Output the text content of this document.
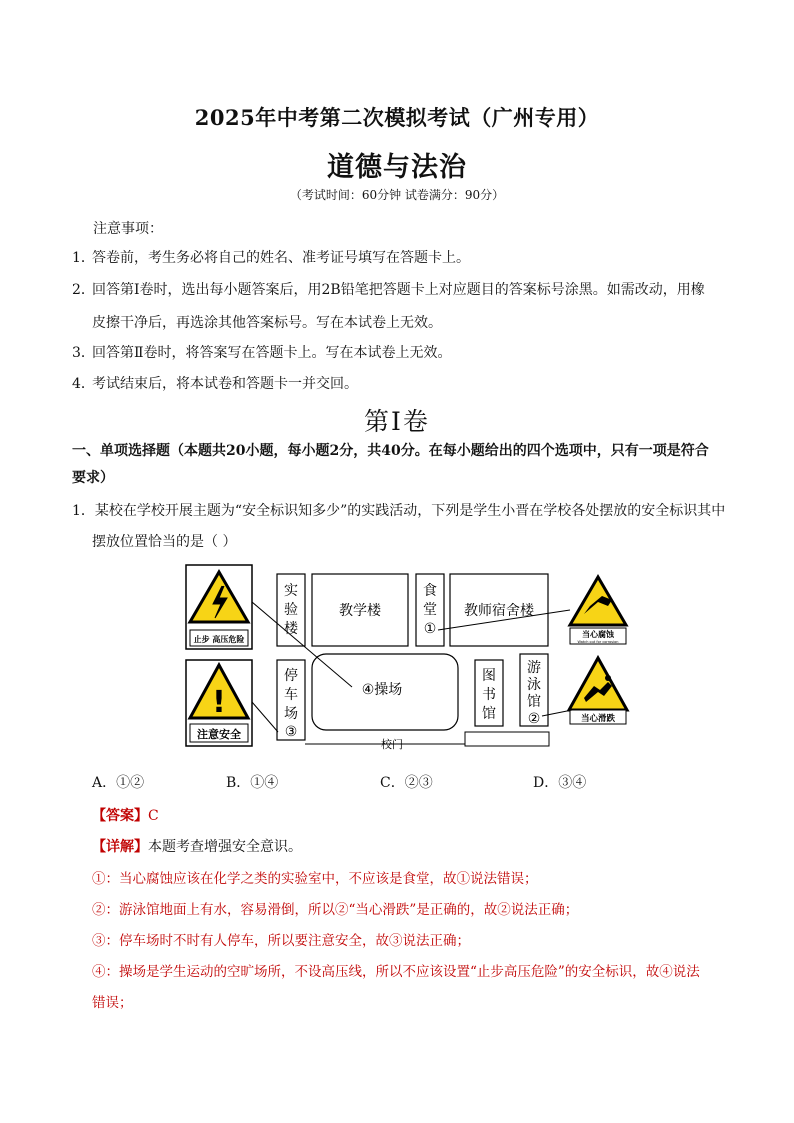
2025年中考第二次模拟考试（广州专用）
道德与法治
（考试时间：60分钟 试卷满分：90分）
注意事项：
1．答卷前，考生务必将自己的姓名、准考证号填写在答题卡上。
2．回答第Ⅰ卷时，选出每小题答案后，用2B铅笔把答题卡上对应题目的答案标号涂黑。如需改动，用橡
皮擦干净后，再选涂其他答案标号。写在本试卷上无效。
3．回答第Ⅱ卷时，将答案写在答题卡上。写在本试卷上无效。
4．考试结束后，将本试卷和答题卡一并交回。
第Ⅰ卷
一、单项选择题（本题共20小题，每小题2分，共40分。在每小题给出的四个选项中，只有一项是符合
要求）
1．某校在学校开展主题为“安全标识知多少”的实践活动，下列是学生小晋在学校各处摆放的安全标识其中
摆放位置恰当的是（ ）
止步 高压危险
!
注意安全
实
验
楼
教学楼
食
堂
①
教师宿舍楼
④操场
停
车
场
③
图
书
馆
游
泳
馆
②
校门
当心腐蚀
Watch out for corrosion
当心滑跌
A．①②	B．①④	C．②③	D．③④
【答案】C
【详解】本题考查增强安全意识。
①：当心腐蚀应该在化学之类的实验室中，不应该是食堂，故①说法错误；
②：游泳馆地面上有水，容易滑倒，所以②“当心滑跌”是正确的，故②说法正确；
③：停车场时不时有人停车，所以要注意安全，故③说法正确；
④：操场是学生运动的空旷场所，不设高压线，所以不应该设置“止步高压危险”的安全标识，故④说法
错误；
